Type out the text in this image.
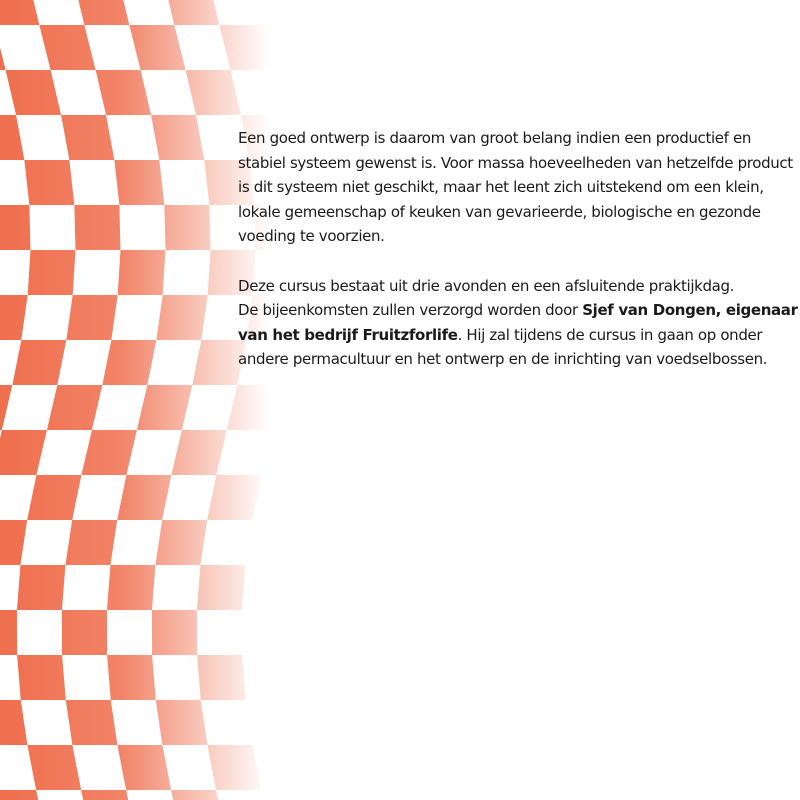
Een goed ontwerp is daarom van groot belang indien een productief en
stabiel systeem gewenst is. Voor massa hoeveelheden van hetzelfde product
is dit systeem niet geschikt, maar het leent zich uitstekend om een klein,
lokale gemeenschap of keuken van gevarieerde, biologische en gezonde
voeding te voorzien.

Deze cursus bestaat uit drie avonden en een afsluitende praktijkdag.
De bijeenkomsten zullen verzorgd worden door Sjef van Dongen, eigenaar
van het bedrijf Fruitzforlife. Hij zal tijdens de cursus in gaan op onder
andere permacultuur en het ontwerp en de inrichting van voedselbossen.
